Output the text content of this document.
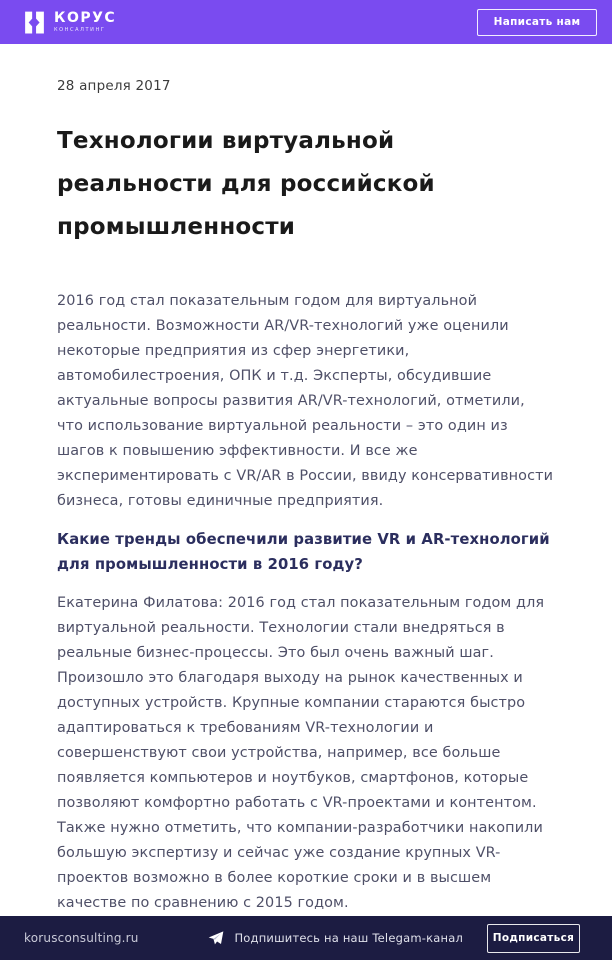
КОРУС
КОНСАЛТИНГ
Написать нам
28 апреля 2017
Технологии виртуальной реальности для российской промышленности

2016 год стал показательным годом для виртуальной реальности. Возможности AR/VR-технологий уже оценили некоторые предприятия из сфер энергетики, автомобилестроения, ОПК и т.д. Эксперты, обсудившие актуальные вопросы развития AR/VR-технологий, отметили, что использование виртуальной реальности – это один из шагов к повышению эффективности. И все же экспериментировать с VR/AR в России, ввиду консервативности бизнеса, готовы единичные предприятия.

Какие тренды обеспечили развитие VR и AR-технологий для промышленности в 2016 году?

Екатерина Филатова: 2016 год стал показательным годом для виртуальной реальности. Технологии стали внедряться в реальные бизнес-процессы. Это был очень важный шаг. Произошло это благодаря выходу на рынок качественных и доступных устройств. Крупные компании стараются быстро адаптироваться к требованиям VR-технологии и совершенствуют свои устройства, например, все больше появляется компьютеров и ноутбуков, смартфонов, которые позволяют комфортно работать с VR-проектами и контентом. Также нужно отметить, что компании-разработчики накопили большую экспертизу и сейчас уже создание крупных VR-проектов возможно в более короткие сроки и в высшем качестве по сравнению с 2015 годом.

korusconsulting.ru	Подпишитесь на наш Telegam-канал	Подписаться
